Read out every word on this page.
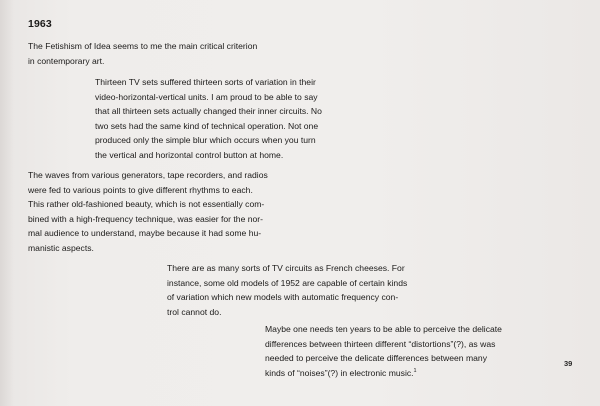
1963

The Fetishism of Idea seems to me the main critical criterion
in contemporary art.

Thirteen TV sets suffered thirteen sorts of variation in their
video-horizontal-vertical units. I am proud to be able to say
that all thirteen sets actually changed their inner circuits. No
two sets had the same kind of technical operation. Not one
produced only the simple blur which occurs when you turn
the vertical and horizontal control button at home.

The waves from various generators, tape recorders, and radios
were fed to various points to give different rhythms to each.
This rather old-fashioned beauty, which is not essentially com-
bined with a high-frequency technique, was easier for the nor-
mal audience to understand, maybe because it had some hu-
manistic aspects.

There are as many sorts of TV circuits as French cheeses. For
instance, some old models of 1952 are capable of certain kinds
of variation which new models with automatic frequency con-
trol cannot do.

Maybe one needs ten years to be able to perceive the delicate
differences between thirteen different “distortions”(?), as was
needed to perceive the delicate differences between many
kinds of “noises”(?) in electronic music.$^1$

39
